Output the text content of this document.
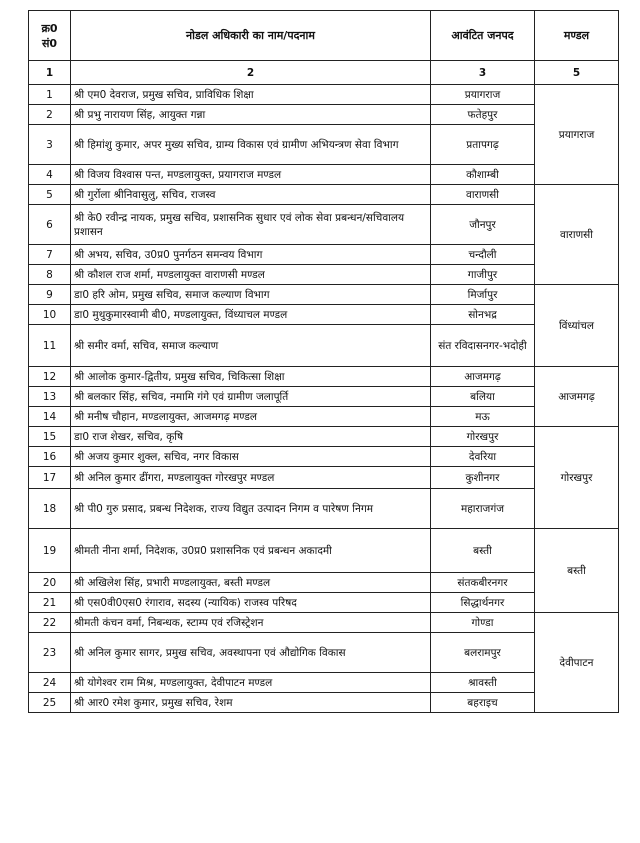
क्र0
सं0	नोडल अधिकारी का नाम/पदनाम	आवंटित जनपद	मण्डल
1	2	3	5
1	श्री एम0 देवराज, प्रमुख सचिव, प्राविधिक शिक्षा	प्रयागराज	प्रयागराज
2	श्री प्रभु नारायण सिंह, आयुक्त गन्ना	फतेहपुर	
3	श्री हिमांशु कुमार, अपर मुख्य सचिव, ग्राम्य विकास एवं ग्रामीण अभियन्त्रण सेवा विभाग	प्रतापगढ़	
4	श्री विजय विश्वास पन्त, मण्डलायुक्त, प्रयागराज मण्डल	कौशाम्बी	
5	श्री गुर्रोला श्रीनिवासुलु, सचिव, राजस्व	वाराणसी	वाराणसी
6	श्री के0 रवीन्द्र नायक, प्रमुख सचिव, प्रशासनिक सुधार एवं लोक सेवा प्रबन्धन/सचिवालय प्रशासन	जौनपुर	
7	श्री अभय, सचिव, उ0प्र0 पुनर्गठन समन्वय विभाग	चन्दौली	
8	श्री कौशल राज शर्मा, मण्डलायुक्त वाराणसी मण्डल	गाजीपुर	
9	डा0 हरि ओम, प्रमुख सचिव, समाज कल्याण विभाग	मिर्जापुर	विंध्यांचल
10	डा0 मुथुकुमारस्वामी बी0, मण्डलायुक्त, विंध्याचल मण्डल	सोनभद्र	
11	श्री समीर वर्मा, सचिव, समाज कल्याण	संत रविदासनगर-भदोही	
12	श्री आलोक कुमार-द्वितीय, प्रमुख सचिव, चिकित्सा शिक्षा	आजमगढ़	आजमगढ़
13	श्री बलकार सिंह, सचिव, नमामि गंगे एवं ग्रामीण जलापूर्ति	बलिया	
14	श्री मनीष चौहान, मण्डलायुक्त, आजमगढ़ मण्डल	मऊ	
15	डा0 राज शेखर, सचिव, कृषि	गोरखपुर	गोरखपुर
16	श्री अजय कुमार शुक्ल, सचिव, नगर विकास	देवरिया	
17	श्री अनिल कुमार ढींगरा, मण्डलायुक्त गोरखपुर मण्डल	कुशीनगर	
18	श्री पी0 गुरु प्रसाद, प्रबन्ध निदेशक, राज्य विद्युत उत्पादन निगम व पारेषण निगम	महाराजगंज	
19	श्रीमती नीना शर्मा, निदेशक, उ0प्र0 प्रशासनिक एवं प्रबन्धन अकादमी	बस्ती	बस्ती
20	श्री अखिलेश सिंह, प्रभारी मण्डलायुक्त, बस्ती मण्डल	संतकबीरनगर	
21	श्री एस0वी0एस0 रंगाराव, सदस्य (न्यायिक) राजस्व परिषद	सिद्धार्थनगर	
22	श्रीमती कंचन वर्मा, निबन्धक, स्टाम्प एवं रजिस्ट्रेशन	गोण्डा	देवीपाटन
23	श्री अनिल कुमार सागर, प्रमुख सचिव, अवस्थापना एवं औद्योगिक विकास	बलरामपुर	
24	श्री योगेश्वर राम मिश्र, मण्डलायुक्त, देवीपाटन मण्डल	श्रावस्ती	
25	श्री आर0 रमेश कुमार, प्रमुख सचिव, रेशम	बहराइच	
